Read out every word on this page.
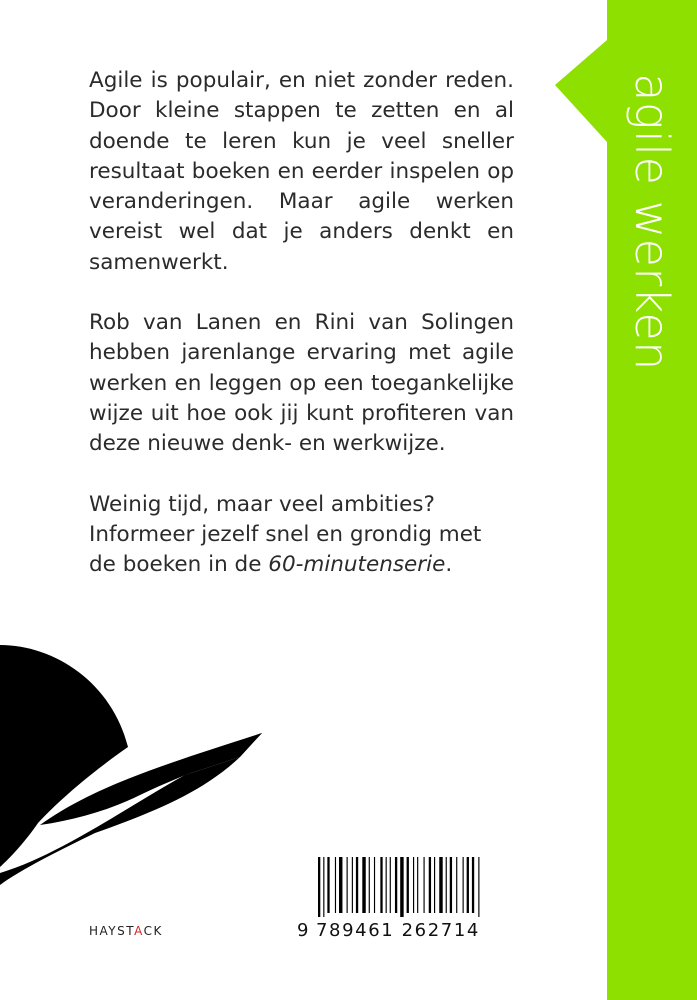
agile werken

Agile is populair, en niet zonder reden. Door kleine stappen te zetten en al doende te leren kun je veel sneller resultaat boeken en eerder inspelen op veranderingen. Maar agile werken vereist wel dat je anders denkt en samenwerkt.

Rob van Lanen en Rini van Solingen hebben jarenlange ervaring met agile werken en leggen op een toegankelijke wijze uit hoe ook jij kunt profiteren van deze nieuwe denk- en werkwijze.

Weinig tijd, maar veel ambities? Informeer jezelf snel en grondig met de boeken in de 60-minutenserie.

HAYSTACK	9 789461 262714
